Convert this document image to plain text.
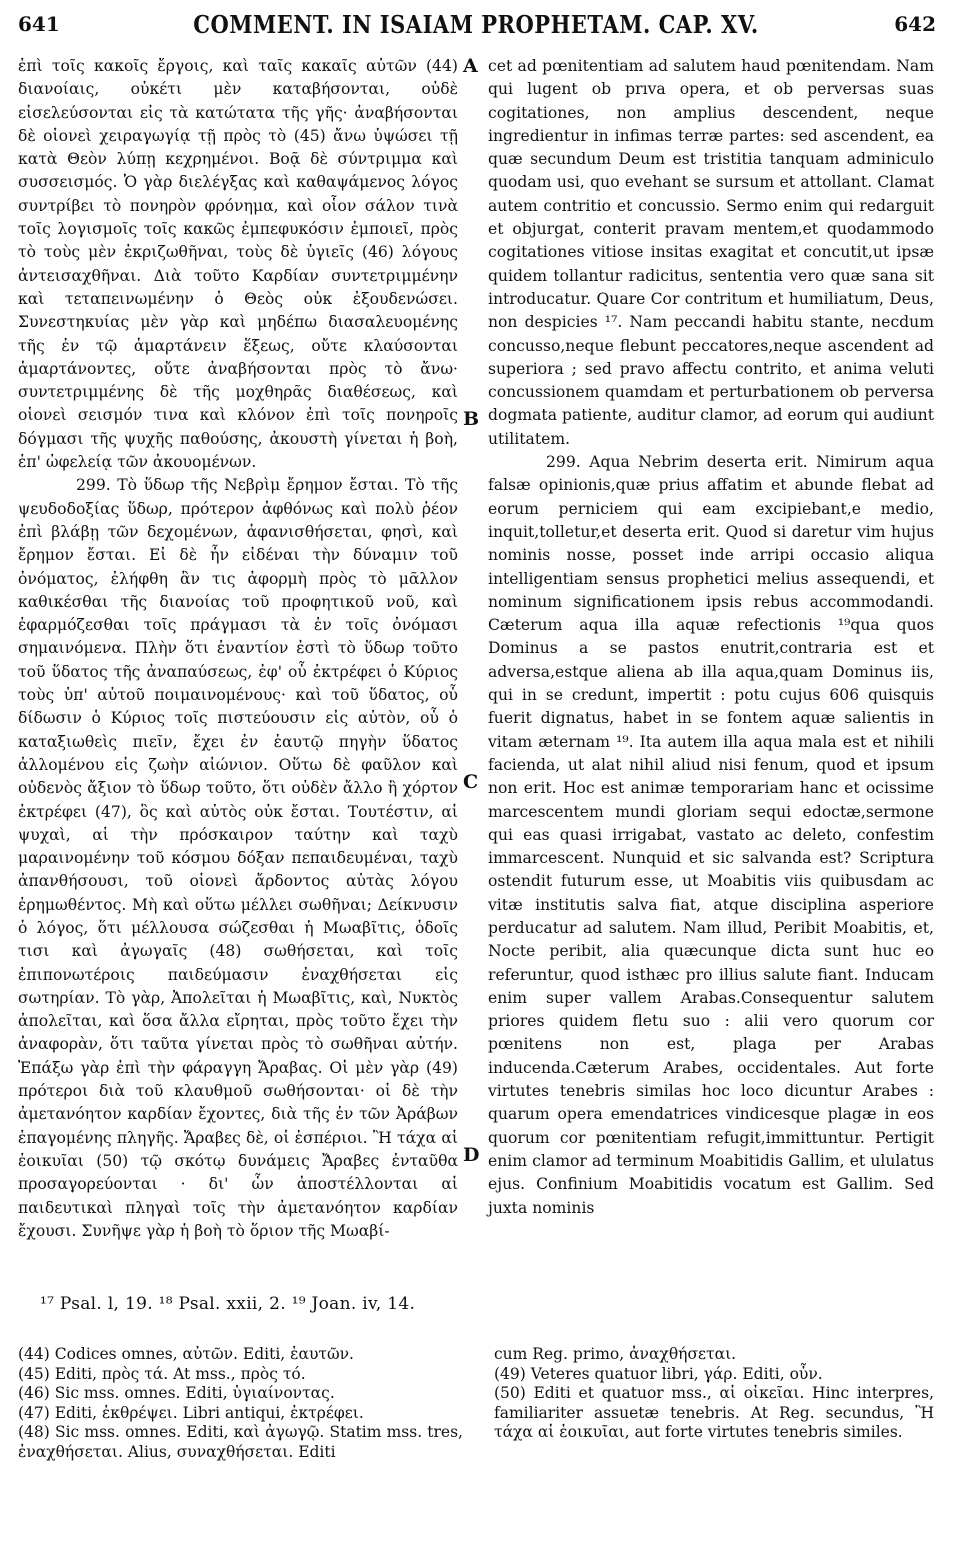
641	COMMENT. IN ISAIAM PROPHETAM. CAP. XV.	642

ἐπὶ τοῖς κακοῖς ἔργοις, καὶ ταῖς κακαῖς αὐτῶν (44) διανοίαις, οὐκέτι μὲν καταβήσονται, οὐδὲ εἰσελεύσονται εἰς τὰ κατώτατα τῆς γῆς· ἀναβήσονται δὲ οἱονεὶ χειραγωγίᾳ τῇ πρὸς τὸ (45) ἄνω ὑψώσει τῇ κατὰ Θεὸν λύπῃ κεχρημένοι. Βοᾷ δὲ σύντριμμα καὶ συσσεισμός. Ὁ γὰρ διελέγξας καὶ καθαψάμενος λόγος συντρίβει τὸ πονηρὸν φρόνημα, καὶ οἷον σάλον τινὰ τοῖς λογισμοῖς τοῖς κακῶς ἐμπεφυκόσιν ἐμποιεῖ, πρὸς τὸ τοὺς μὲν ἐκριζωθῆναι, τοὺς δὲ ὑγιεῖς (46) λόγους ἀντεισαχθῆναι. Διὰ τοῦτο Καρδίαν συντετριμμένην καὶ τεταπεινωμένην ὁ Θεὸς οὐκ ἐξουδενώσει. Συνεστηκυίας μὲν γὰρ καὶ μηδέπω διασαλευομένης τῆς ἐν τῷ ἁμαρτάνειν ἕξεως, οὔτε κλαύσονται ἁμαρτάνοντες, οὔτε ἀναβήσονται πρὸς τὸ ἄνω· συντετριμμένης δὲ τῆς μοχθηρᾶς διαθέσεως, καὶ οἱονεὶ σεισμόν τινα καὶ κλόνον ἐπὶ τοῖς πονηροῖς δόγμασι τῆς ψυχῆς παθούσης, ἀκουστὴ γίνεται ἡ βοὴ, ἐπ' ὠφελείᾳ τῶν ἀκουομένων.

299. Τὸ ὕδωρ τῆς Νεβρὶμ ἔρημον ἔσται. Τὸ τῆς ψευδοδοξίας ὕδωρ, πρότερον ἀφθόνως καὶ πολὺ ῥέον ἐπὶ βλάβῃ τῶν δεχομένων, ἀφανισθήσεται, φησὶ, καὶ ἔρημον ἔσται. Εἰ δὲ ἦν εἰδέναι τὴν δύναμιν τοῦ ὀνόματος, ἐλήφθη ἂν τις ἀφορμὴ πρὸς τὸ μᾶλλον καθικέσθαι τῆς διανοίας τοῦ προφητικοῦ νοῦ, καὶ ἐφαρμόζεσθαι τοῖς πράγμασι τὰ ἐν τοῖς ὀνόμασι σημαινόμενα. Πλὴν ὅτι ἐναντίον ἐστὶ τὸ ὕδωρ τοῦτο τοῦ ὕδατος τῆς ἀναπαύσεως, ἐφ' οὗ ἐκτρέφει ὁ Κύριος τοὺς ὑπ' αὐτοῦ ποιμαινομένους· καὶ τοῦ ὕδατος, οὗ δίδωσιν ὁ Κύριος τοῖς πιστεύουσιν εἰς αὐτὸν, οὗ ὁ καταξιωθεὶς πιεῖν, ἔχει ἐν ἑαυτῷ πηγὴν ὕδατος ἀλλομένου εἰς ζωὴν αἰώνιον. Οὕτω δὲ φαῦλον καὶ οὐδενὸς ἄξιον τὸ ὕδωρ τοῦτο, ὅτι οὐδὲν ἄλλο ἢ χόρτον ἐκτρέφει (47), ὃς καὶ αὐτὸς οὐκ ἔσται. Τουτέστιν, αἱ ψυχαὶ, αἱ τὴν πρόσκαιρον ταύτην καὶ ταχὺ μαραινομένην τοῦ κόσμου δόξαν πεπαιδευμέναι, ταχὺ ἀπανθήσουσι, τοῦ οἱονεὶ ἄρδοντος αὐτὰς λόγου ἐρημωθέντος. Μὴ καὶ οὕτω μέλλει σωθῆναι; Δείκνυσιν ὁ λόγος, ὅτι μέλλουσα σώζεσθαι ἡ Μωαβῖτις, ὁδοῖς τισι καὶ ἀγωγαῖς (48) σωθήσεται, καὶ τοῖς ἐπιπονωτέροις παιδεύμασιν ἐναχθήσεται εἰς σωτηρίαν. Τὸ γὰρ, Ἀπολεῖται ἡ Μωαβῖτις, καὶ, Νυκτὸς ἀπολεῖται, καὶ ὅσα ἄλλα εἴρηται, πρὸς τοῦτο ἔχει τὴν ἀναφορὰν, ὅτι ταῦτα γίνεται πρὸς τὸ σωθῆναι αὐτήν. Ἐπάξω γὰρ ἐπὶ τὴν φάραγγη Ἄραβας. Οἱ μὲν γὰρ (49) πρότεροι διὰ τοῦ κλαυθμοῦ σωθήσονται· οἱ δὲ τὴν ἀμετανόητον καρδίαν ἔχοντες, διὰ τῆς ἐν τῶν Ἀράβων ἐπαγομένης πληγῆς. Ἄραβες δὲ, οἱ ἑσπέριοι. Ἢ τάχα αἱ ἐοικυῖαι (50) τῷ σκότῳ δυνάμεις Ἄραβες ἐνταῦθα προσαγορεύονται · δι' ὧν ἀποστέλλονται αἱ παιδευτικαὶ πληγαὶ τοῖς τὴν ἀμετανόητον καρδίαν ἔχουσι. Συνῆψε γὰρ ἡ βοὴ τὸ ὅριον τῆς Μωαβί-

A
B
C
D

cet ad pœnitentiam ad salutem haud pœnitendam. Nam qui lugent ob prıva opera, et ob perversas suas cogitationes, non amplius descendent, neque ingredientur in infimas terræ partes: sed ascendent, ea quæ secundum Deum est tristitia tanquam adminiculo quodam usi, quo evehant se sursum et attollant. Clamat autem contritio et concussio. Sermo enim qui redarguit et objurgat, conterit pravam mentem,et quodammodo cogitationes vitiose insitas exagitat et concutit,ut ipsæ quidem tollantur radicitus, sententia vero quæ sana sit introducatur. Quare Cor contritum et humiliatum, Deus, non despicies ¹⁷. Nam peccandi habitu stante, necdum concusso,neque flebunt peccatores,neque ascendent ad superiora ; sed pravo affectu contrito, et anima veluti concussionem quamdam et perturbationem ob perversa dogmata patiente, auditur clamor, ad eorum qui audiunt utilitatem.

299. Aqua Nebrim deserta erit. Nimirum aqua falsæ opinionis,quæ prius affatim et abunde flebat ad eorum perniciem qui eam excipiebant,e medio, inquit,tolletur,et deserta erit. Quod si daretur vim hujus nominis nosse, posset inde arripi occasio aliqua intelligentiam sensus prophetici melius assequendi, et nominum significationem ipsis rebus accommodandi. Cæterum aqua illa aquæ refectionis ¹⁹qua quos Dominus a se pastos enutrit,contraria est et adversa,estque aliena ab illa aqua,quam Dominus iis, qui in se credunt, impertit : potu cujus 606 quisquis fuerit dignatus, habet in se fontem aquæ salientis in vitam æternam ¹⁹. Ita autem illa aqua mala est et nihili facienda, ut alat nihil aliud nisi fenum, quod et ipsum non erit. Hoc est animæ temporariam hanc et ocissime marcescentem mundi gloriam sequi edoctæ,sermone qui eas quasi irrigabat, vastato ac deleto, confestim immarcescent. Nunquid et sic salvanda est? Scriptura ostendit futurum esse, ut Moabitis viis quibusdam ac vitæ institutis salva fiat, atque disciplina asperiore perducatur ad salutem. Nam illud, Peribit Moabitis, et, Nocte peribit, alia quæcunque dicta sunt huc eo referuntur, quod isthæc pro illius salute fiant. Inducam enim super vallem Arabas.Consequentur salutem priores quidem fletu suo : alii vero quorum cor pœnitens non est, plaga per Arabas inducenda.Cæterum Arabes, occidentales. Aut forte virtutes tenebris similas hoc loco dicuntur Arabes : quarum opera emendatrices vindicesque plagæ in eos quorum cor pœnitentiam refugit,immittuntur. Pertigit enim clamor ad terminum Moabitidis Gallim, et ululatus ejus. Confinium Moabitidis vocatum est Gallim. Sed juxta nominis

¹⁷ Psal. l, 19. ¹⁸ Psal. xxii, 2. ¹⁹ Joan. iv, 14.
(44) Codices omnes, αὐτῶν. Editi, ἑαυτῶν.
(45) Editi, πρὸς τά. At mss., πρὸς τό.
(46) Sic mss. omnes. Editi, ὑγιαίνοντας.
(47) Editi, ἐκθρέψει. Libri antiqui, ἐκτρέφει.
(48) Sic mss. omnes. Editi, καὶ ἀγωγῷ. Statim mss. tres, ἐναχθήσεται. Alius, συναχθήσεται. Editi
cum Reg. primo, ἀναχθήσεται.
(49) Veteres quatuor libri, γάρ. Editi, οὖν.
(50) Editi et quatuor mss., αἱ οἰκεῖαι. Hinc interpres, familiariter assuetæ tenebris. At Reg. secundus, Ἢ τάχα αἱ ἐοικυῖαι, aut forte virtutes tenebris similes.
